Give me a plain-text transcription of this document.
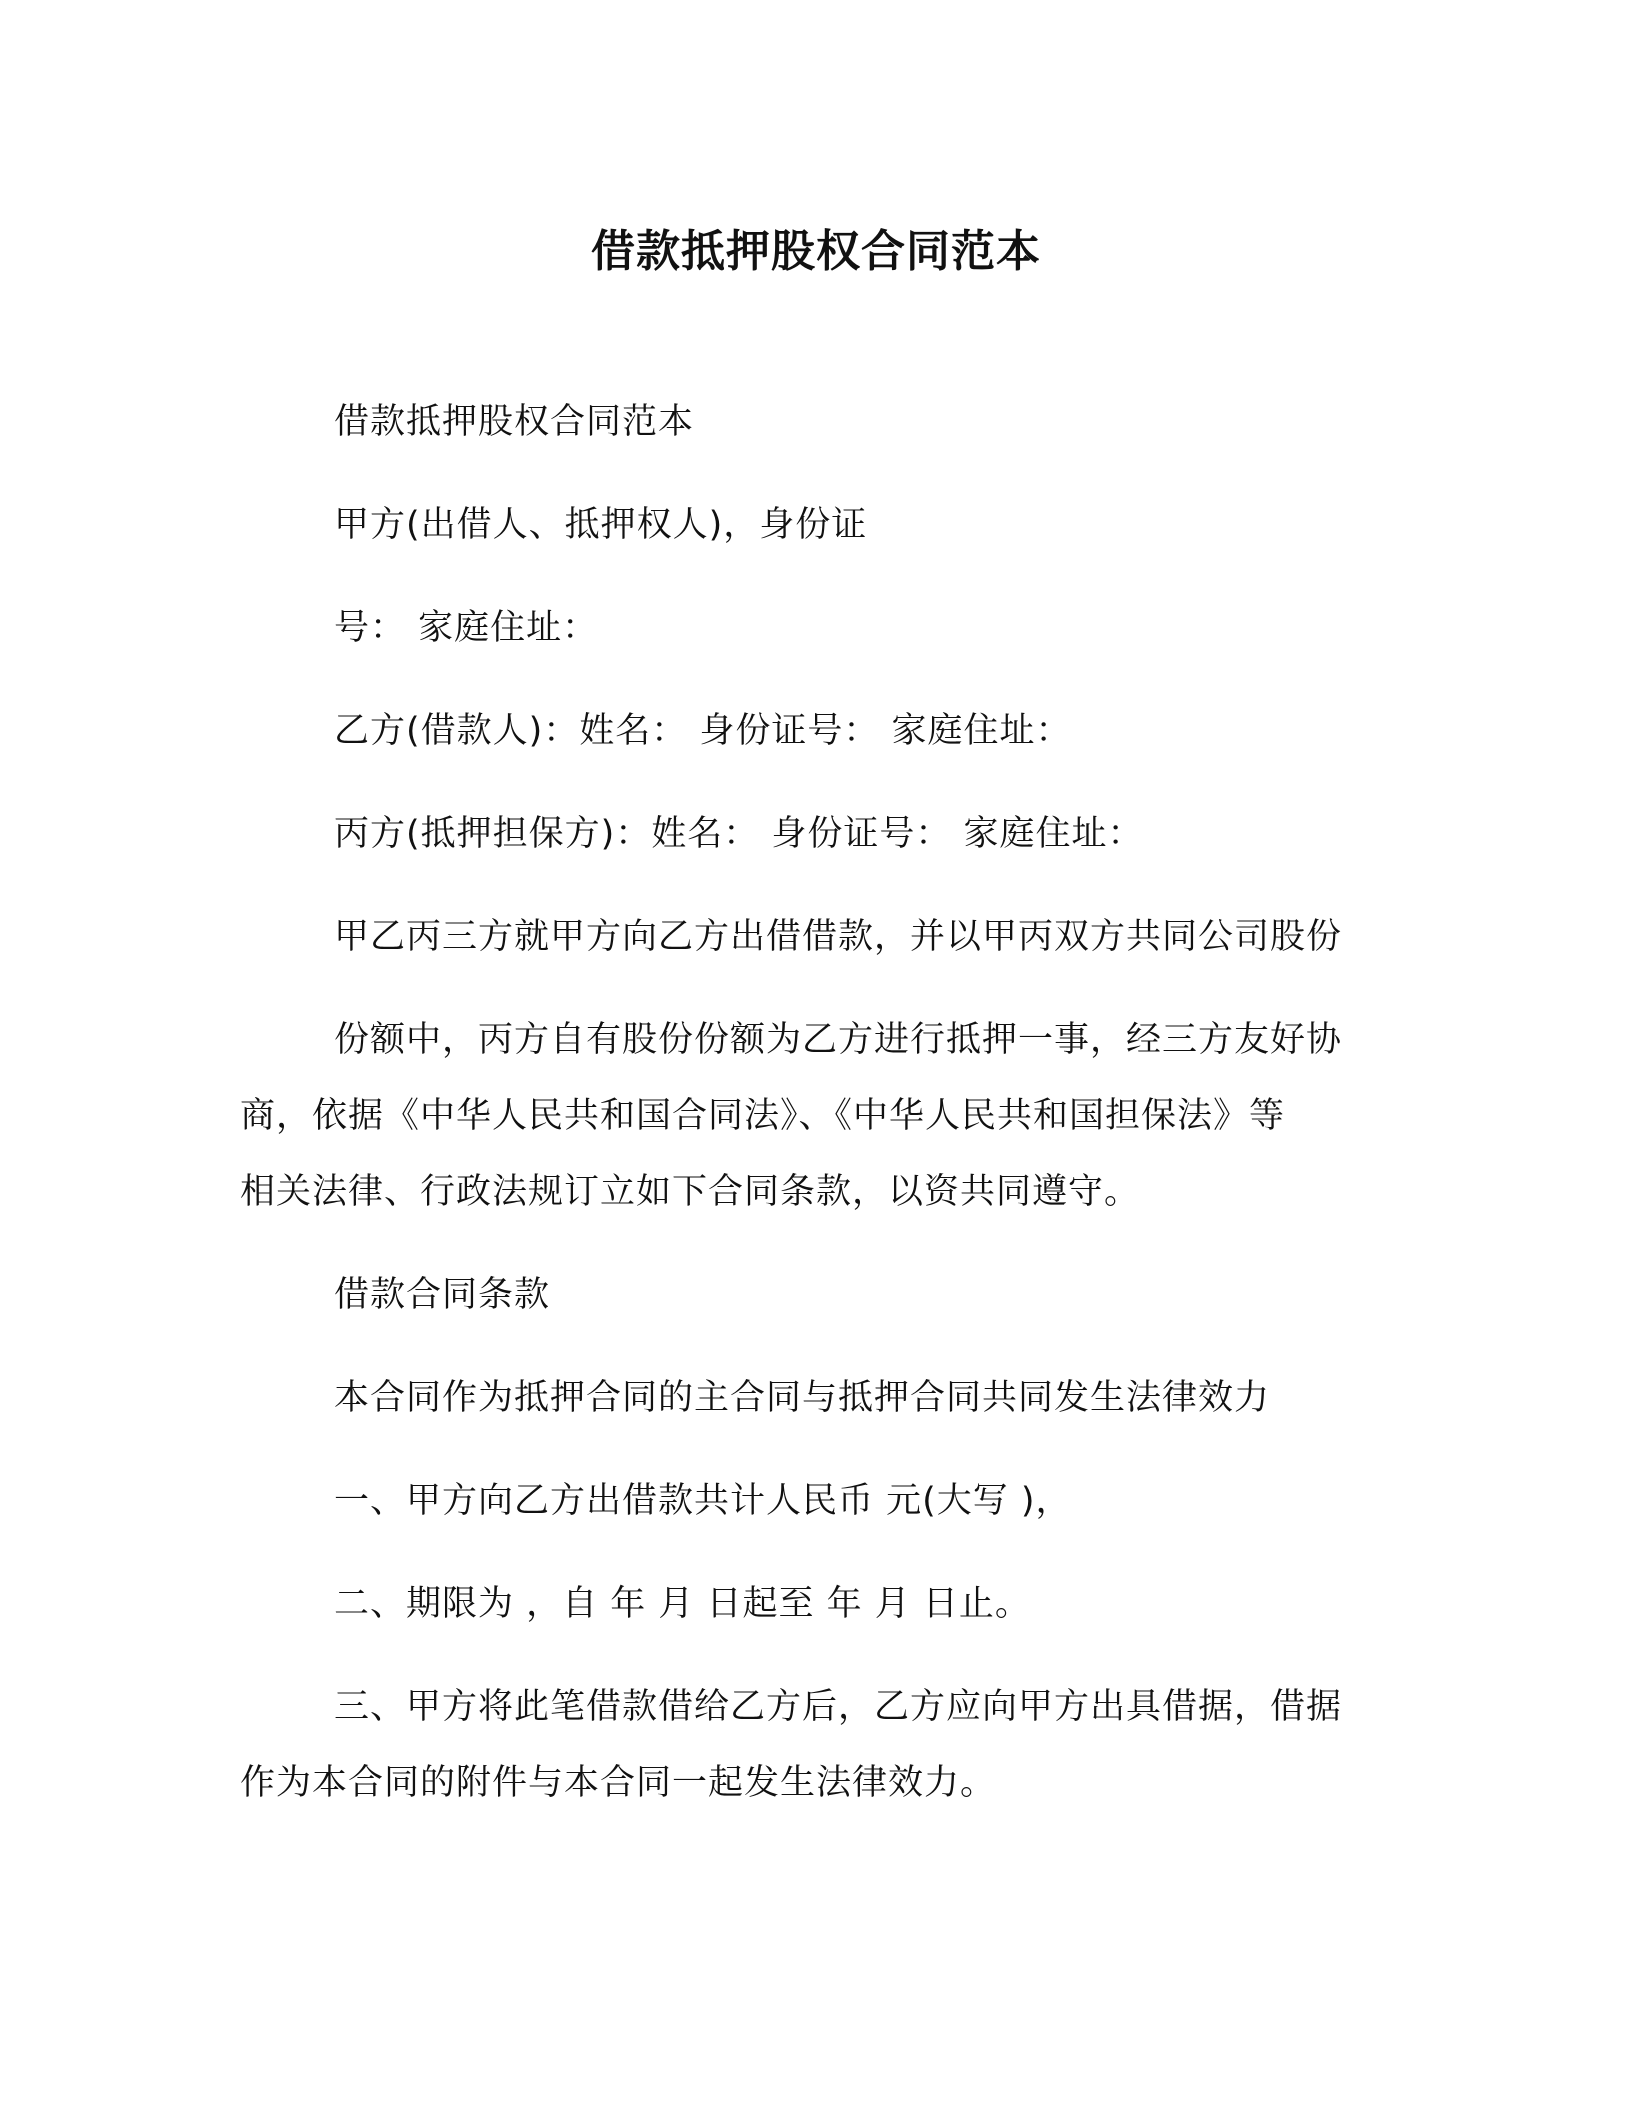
借款抵押股权合同范本
借款抵押股权合同范本
甲方(出借人、抵押权人)，身份证
号： 家庭住址：
乙方(借款人)：姓名： 身份证号： 家庭住址：
丙方(抵押担保方)：姓名： 身份证号： 家庭住址：
甲乙丙三方就甲方向乙方出借借款，并以甲丙双方共同公司股份
份额中，丙方自有股份份额为乙方进行抵押一事，经三方友好协
商，依据《中华人民共和国合同法》、《中华人民共和国担保法》等
相关法律、行政法规订立如下合同条款，以资共同遵守。
借款合同条款
本合同作为抵押合同的主合同与抵押合同共同发生法律效力
一、甲方向乙方出借款共计人民币 元(大写 )，
二、期限为 ，自 年 月 日起至 年 月 日止。
三、甲方将此笔借款借给乙方后，乙方应向甲方出具借据，借据
作为本合同的附件与本合同一起发生法律效力。
